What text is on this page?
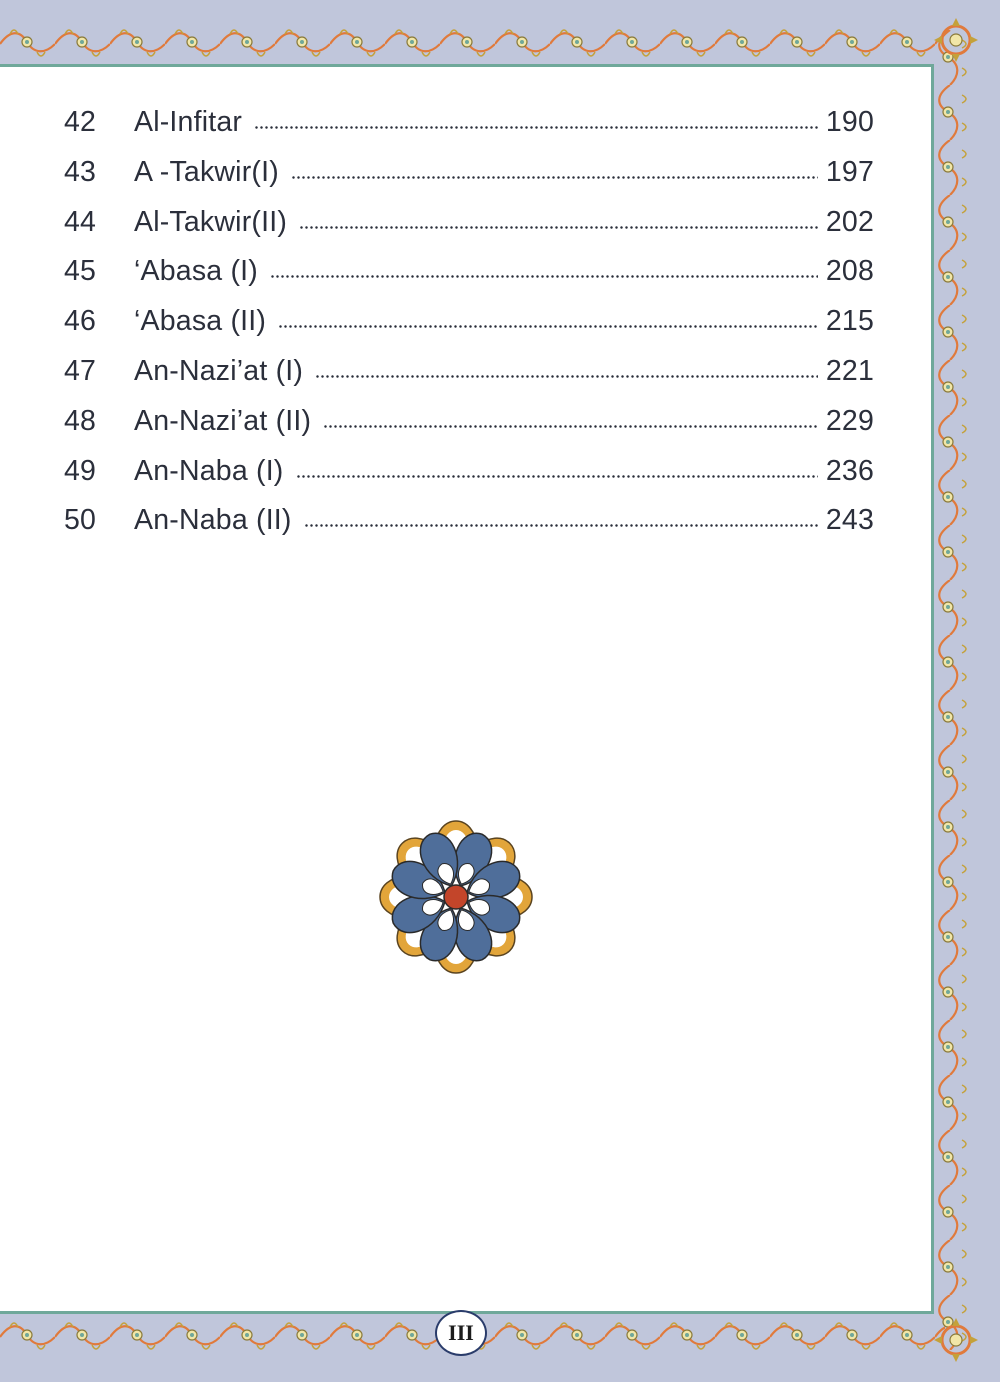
42	Al-Infitar	190
43	A -Takwir(I)	197
44	Al-Takwir(II)	202
45	‘Abasa (I)	208
46	‘Abasa (II)	215
47	An-Nazi’at (I)	221
48	An-Nazi’at (II)	229
49	An-Naba (I)	236
50	An-Naba (II)	243
III
